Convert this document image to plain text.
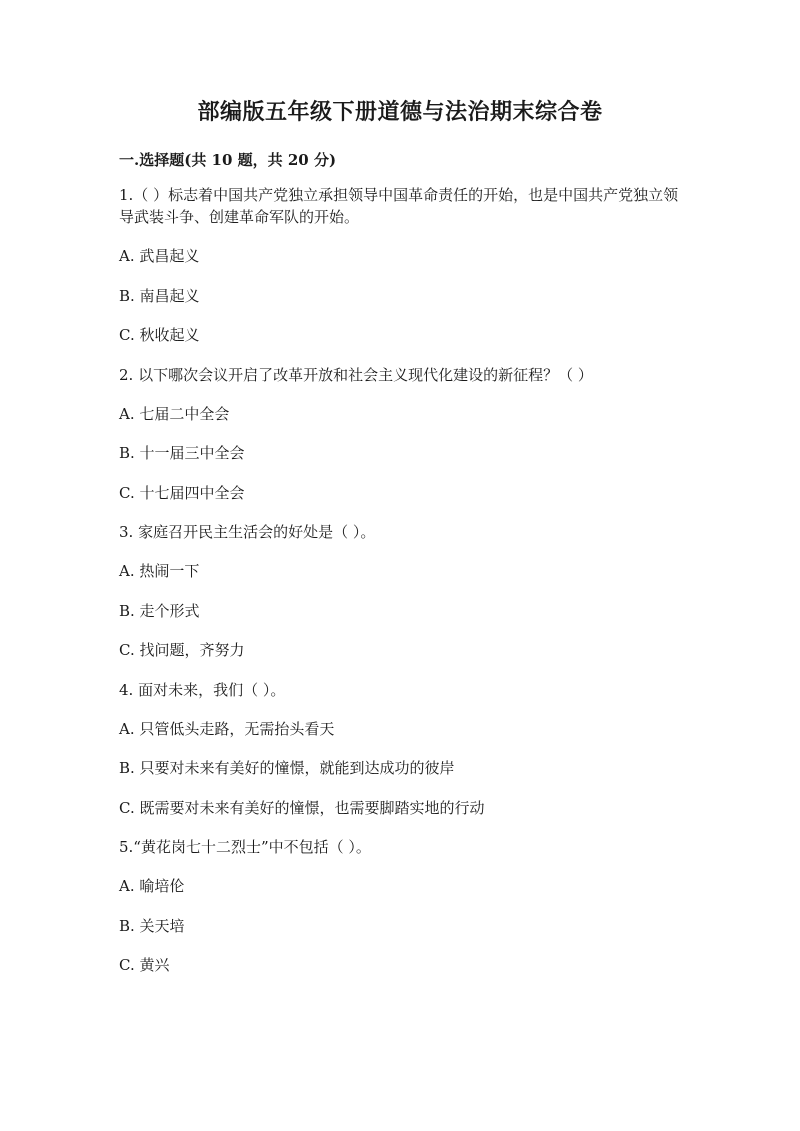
部编版五年级下册道德与法治期末综合卷
一.选择题(共 10 题，共 20 分)

1.（ ）标志着中国共产党独立承担领导中国革命责任的开始，也是中国共产党独立领导武装斗争、创建革命军队的开始。

A. 武昌起义

B. 南昌起义

C. 秋收起义

2. 以下哪次会议开启了改革开放和社会主义现代化建设的新征程？（ ）

A. 七届二中全会

B. 十一届三中全会

C. 十七届四中全会

3. 家庭召开民主生活会的好处是（ ）。

A. 热闹一下

B. 走个形式

C. 找问题，齐努力

4. 面对未来，我们（ ）。

A. 只管低头走路，无需抬头看天

B. 只要对未来有美好的憧憬，就能到达成功的彼岸

C. 既需要对未来有美好的憧憬，也需要脚踏实地的行动

5.“黄花岗七十二烈士”中不包括（ ）。

A. 喻培伦

B. 关天培

C. 黄兴
